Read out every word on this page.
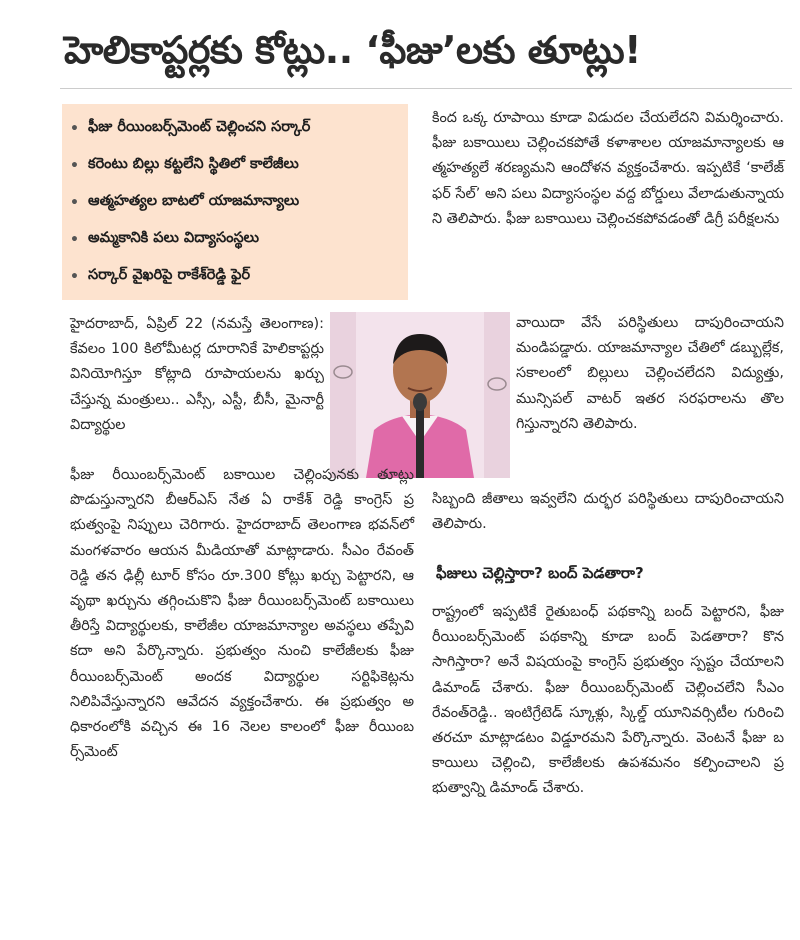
హెలికాప్టర్లకు కోట్లు.. ‘ఫీజు’లకు తూట్లు!
• ఫీజు రీయింబర్స్‌మెంట్ చెల్లించని సర్కార్
• కరెంటు బిల్లు కట్టలేని స్థితిలో కాలేజీలు
• ఆత్మహత్యల బాటలో యాజమాన్యాలు
• అమ్మకానికి పలు విద్యాసంస్థలు
• సర్కార్ వైఖరిపై రాకేశ్‌రెడ్డి ఫైర్

హైదరాబాద్, ఏప్రిల్ 22 (నమస్తే తెలంగాణ): కేవలం 100 కిలోమీటర్ల దూరానికే హెలికాప్టర్లు వినియోగిస్తూ కోట్లాది రూపాయలను ఖర్చు చేస్తున్న మంత్రులు.. ఎస్సీ, ఎస్టీ, బీసీ, మైనార్టీ విద్యార్థుల

ఫీజు రీయింబర్స్‌మెంట్ బకాయిల చెల్లింపునకు తూట్లు పొడుస్తున్నారని బీఆర్ఎస్ నేత ఏ రాకేశ్ రెడ్డి కాంగ్రెస్ ప్రభుత్వంపై నిప్పులు చెరిగారు. హైదరాబాద్ తెలంగాణ భవన్‌లో మంగళవారం ఆయన మీడియాతో మాట్లాడారు. సీఎం రేవంత్ రెడ్డి తన ఢిల్లీ టూర్ కోసం రూ.300 కోట్లు ఖర్చు పెట్టారని, ఆ వృథా ఖర్చును తగ్గించుకొని ఫీజు రీయింబర్స్‌మెంట్ బకాయిలు తీరిస్తే విద్యార్థులకు, కాలేజీల యాజమాన్యాల అవస్థలు తప్పేవి కదా అని పేర్కొన్నారు. ప్రభుత్వం నుంచి కాలేజీలకు ఫీజు రీయింబర్స్‌మెంట్ అందక విద్యార్థుల సర్టిఫికెట్లను నిలిపివేస్తున్నారని ఆవేదన వ్యక్తంచేశారు. ఈ ప్రభుత్వం అధికారంలోకి వచ్చిన ఈ 16 నెలల కాలంలో ఫీజు రీయింబర్స్‌మెంట్

కింద ఒక్క రూపాయి కూడా విడుదల చేయలేదని విమర్శించారు. ఫీజు బకాయిలు చెల్లించకపోతే కళాశాలల యాజమాన్యాలకు ఆత్మహత్యలే శరణ్యమని ఆందోళన వ్యక్తంచేశారు. ఇప్పటికే ‘కాలేజ్ ఫర్ సేల్’ అని పలు విద్యాసంస్థల వద్ద బోర్డులు వేలాడుతున్నాయని తెలిపారు. ఫీజు బకాయిలు చెల్లించకపోవడంతో డిగ్రీ పరీక్షలను

వాయిదా వేసే పరిస్థితులు దాపురించాయని మండిపడ్డారు. యాజమాన్యాల చేతిలో డబ్బుల్లేక, సకాలంలో బిల్లులు చెల్లించలేదని విద్యుత్తు, మున్సిపల్ వాటర్ ఇతర సరఫరాలను తొలగిస్తున్నారని తెలిపారు.

సిబ్బంది జీతాలు ఇవ్వలేని దుర్భర పరిస్థితులు దాపురించాయని తెలిపారు.

ఫీజులు చెల్లిస్తారా? బంద్ పెడతారా?

రాష్ట్రంలో ఇప్పటికే రైతుబంధ్ పథకాన్ని బంద్ పెట్టారని, ఫీజు రీయింబర్స్‌మెంట్ పథకాన్ని కూడా బంద్ పెడతారా? కొనసాగిస్తారా? అనే విషయంపై కాంగ్రెస్ ప్రభుత్వం స్పష్టం చేయాలని డిమాండ్ చేశారు. ఫీజు రీయింబర్స్‌మెంట్ చెల్లించలేని సీఎం రేవంత్‌రెడ్డి.. ఇంటిగ్రేటెడ్ స్కూళ్లు, స్కిల్డ్ యూనివర్సిటీల గురించి తరచూ మాట్లాడటం విడ్డూరమని పేర్కొన్నారు. వెంటనే ఫీజు బకాయిలు చెల్లించి, కాలేజీలకు ఉపశమనం కల్పించాలని ప్రభుత్వాన్ని డిమాండ్ చేశారు.
